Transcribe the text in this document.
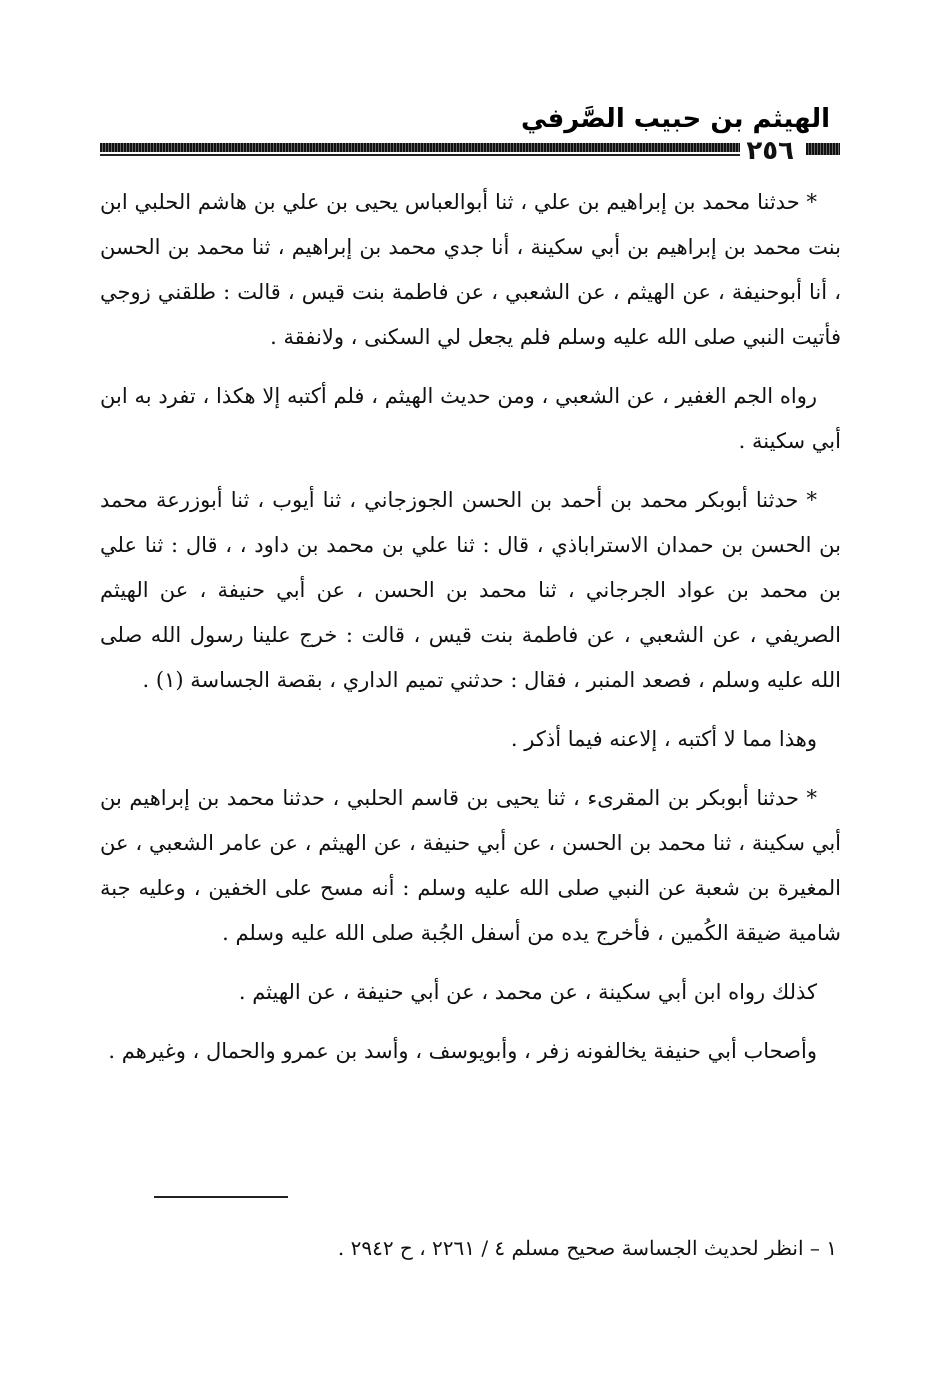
الهيثم بن حبيب الصَّرفي
٢٥٦

* حدثنا محمد بن إبراهيم بن علي ، ثنا أبوالعباس يحيى بن علي بن هاشم الحلبي ابن بنت محمد بن إبراهيم بن أبي سكينة ، أنا جدي محمد بن إبراهيم ، ثنا محمد بن الحسن ، أنا أبوحنيفة ، عن الهيثم ، عن الشعبي ، عن فاطمة بنت قيس ، قالت : طلقني زوجي فأتيت النبي صلى الله عليه وسلم فلم يجعل لي السكنى ، ولانفقة .

رواه الجم الغفير ، عن الشعبي ، ومن حديث الهيثم ، فلم أكتبه إلا هكذا ، تفرد به ابن أبي سكينة .

* حدثنا أبوبكر محمد بن أحمد بن الحسن الجوزجاني ، ثنا أيوب ، ثنا أبوزرعة محمد بن الحسن بن حمدان الاستراباذي ، قال : ثنا علي بن محمد بن داود ، ، قال : ثنا علي بن محمد بن عواد الجرجاني ، ثنا محمد بن الحسن ، عن أبي حنيفة ، عن الهيثم الصريفي ، عن الشعبي ، عن فاطمة بنت قيس ، قالت : خرج علينا رسول الله صلى الله عليه وسلم ، فصعد المنبر ، فقال : حدثني تميم الداري ، بقصة الجساسة (١) .

وهذا مما لا أكتبه ، إلاعنه فيما أذكر .

* حدثنا أبوبكر بن المقرىء ، ثنا يحيى بن قاسم الحلبي ، حدثنا محمد بن إبراهيم بن أبي سكينة ، ثنا محمد بن الحسن ، عن أبي حنيفة ، عن الهيثم ، عن عامر الشعبي ، عن المغيرة بن شعبة عن النبي صلى الله عليه وسلم : أنه مسح على الخفين ، وعليه جبة شامية ضيقة الكُمين ، فأخرج يده من أسفل الجُبة صلى الله عليه وسلم .

كذلك رواه ابن أبي سكينة ، عن محمد ، عن أبي حنيفة ، عن الهيثم .

وأصحاب أبي حنيفة يخالفونه زفر ، وأبويوسف ، وأسد بن عمرو والحمال ، وغيرهم .

١ – انظر لحديث الجساسة صحيح مسلم ٤ / ٢٢٦١ ، ح ٢٩٤٢ .
